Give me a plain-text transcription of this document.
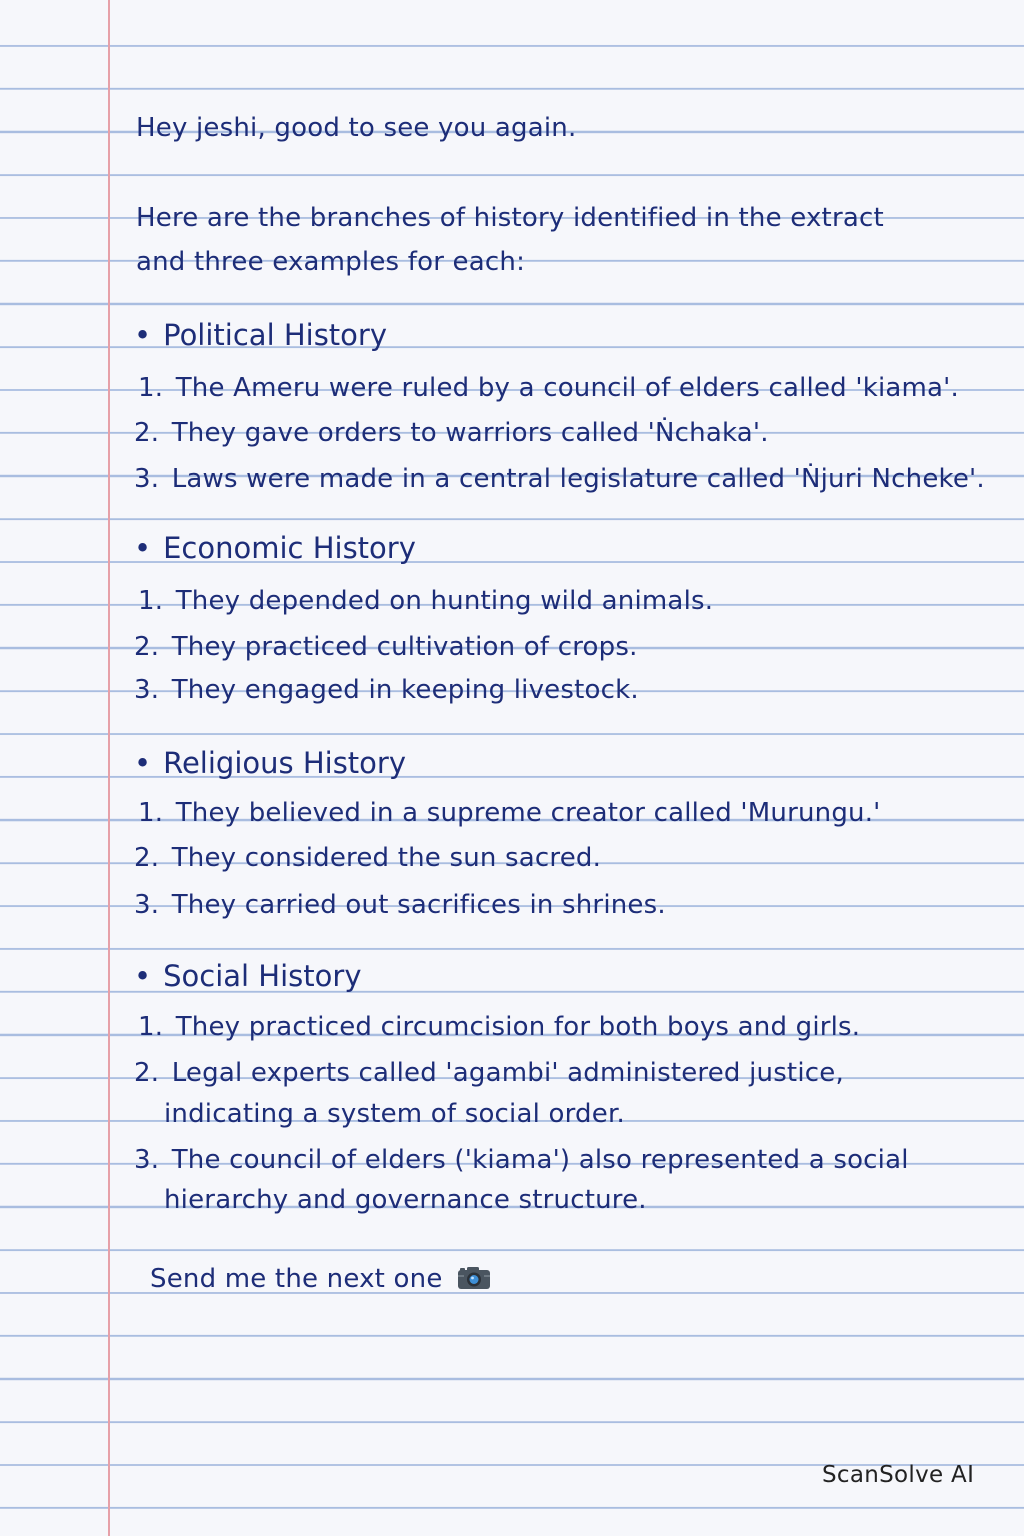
Hey jeshi, good to see you again.
Here are the branches of history identified in the extract
and three examples for each:
• Political History
1. The Ameru were ruled by a council of elders called 'kiama'.
2. They gave orders to warriors called 'Ṅchaka'.
3. Laws were made in a central legislature called 'Ṅjuri Ncheke'.
• Economic History
1. They depended on hunting wild animals.
2. They practiced cultivation of crops.
3. They engaged in keeping livestock.
• Religious History
1. They believed in a supreme creator called 'Murungu.'
2. They considered the sun sacred.
3. They carried out sacrifices in shrines.
• Social History
1. They practiced circumcision for both boys and girls.
2. Legal experts called 'agambi' administered justice,
indicating a system of social order.
3. The council of elders ('kiama') also represented a social
hierarchy and governance structure.
Send me the next one
ScanSolve AI
